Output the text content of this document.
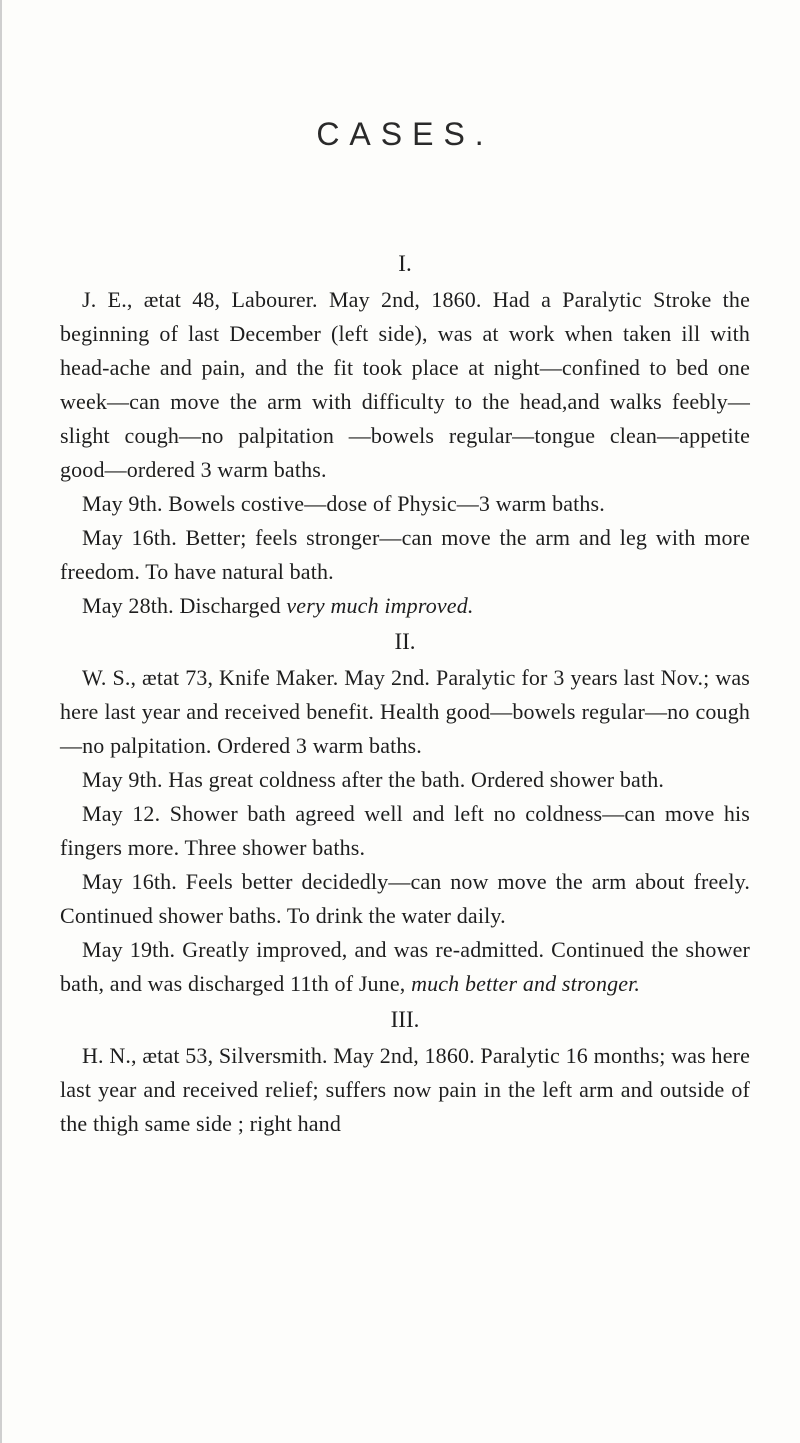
CASES.
I.

J. E., ætat 48, Labourer. May 2nd, 1860. Had a Paralytic Stroke the beginning of last December (left side), was at work when taken ill with head-ache and pain, and the fit took place at night—confined to bed one week—can move the arm with difficulty to the head,and walks feebly—slight cough—no palpitation —bowels regular—tongue clean—appetite good—ordered 3 warm baths.

May 9th. Bowels costive—dose of Physic—3 warm baths.

May 16th. Better; feels stronger—can move the arm and leg with more freedom. To have natural bath.

May 28th. Discharged very much improved.

II.

W. S., ætat 73, Knife Maker. May 2nd. Paralytic for 3 years last Nov.; was here last year and received benefit. Health good—bowels regular—no cough—no palpitation. Ordered 3 warm baths.

May 9th. Has great coldness after the bath. Ordered shower bath.

May 12. Shower bath agreed well and left no coldness—can move his fingers more. Three shower baths.

May 16th. Feels better decidedly—can now move the arm about freely. Continued shower baths. To drink the water daily.

May 19th. Greatly improved, and was re-admitted. Continued the shower bath, and was discharged 11th of June, much better and stronger.

III.

H. N., ætat 53, Silversmith. May 2nd, 1860. Paralytic 16 months; was here last year and received relief; suffers now pain in the left arm and outside of the thigh same side ; right hand
